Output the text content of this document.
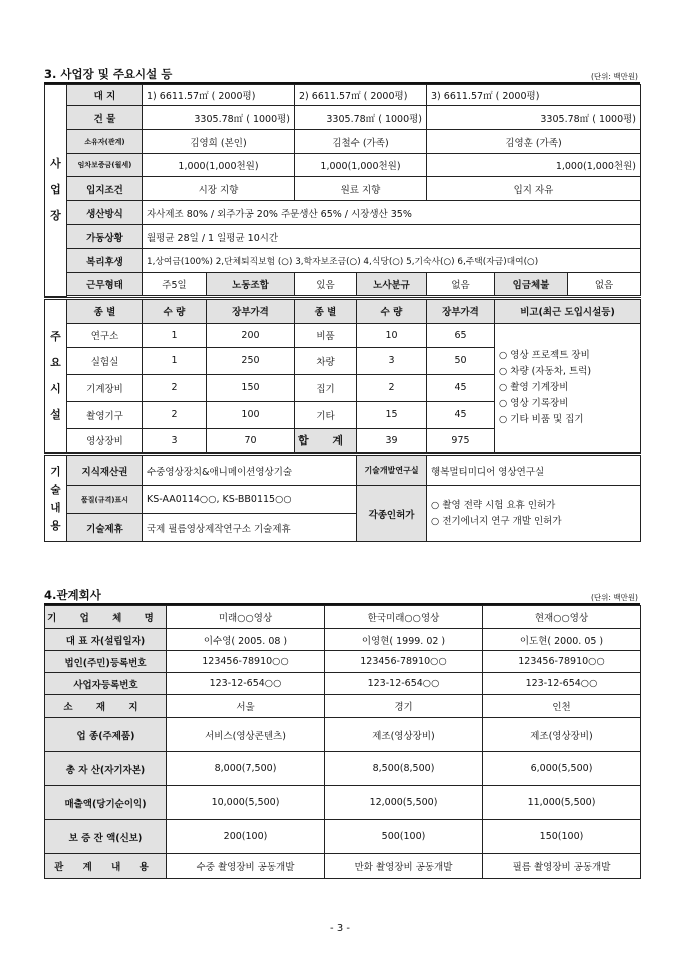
3. 사업장 및 주요시설 등	(단위: 백만원)
사
업
장	대 지	1) 6611.57㎡ ( 2000평)		2) 6611.57㎡ ( 2000평)		3) 6611.57㎡ ( 2000평)	
	건 물	3305.78㎡ ( 1000평)		3305.78㎡ ( 1000평)		3305.78㎡ ( 1000평)	
	소유자(관계)	김영희 (본인)		김철수 (가족)		김영훈 (가족)	
	임차보증금(월세)	1,000(1,000천원)		1,000(1,000천원)		1,000(1,000천원)	
	입지조건	시장 지향		원료 지향		입지 자유	
	생산방식	자사제조 80% / 외주가공 20% 주문생산 65% / 시장생산 35%					
	가동상황	월평균 28일 / 1 일평균 10시간					
	복리후생	1,상여금(100%) 2,단체퇴직보험 (○) 3,학자보조금(○) 4,식당(○) 5,기숙사(○) 6,주택(자금)대여(○)					
	근무형태	주5일	노동조합	있음	노사분규	없음	임금체불 없음

주
요
시
설	종 별	수 량	장부가격	종 별	수 량	장부가격	비고(최근 도입시설등)
	연구소	1	200	비품	10	65	○ 영상 프로젝트 장비
○ 차량 (자동차, 트럭)
○ 촬영 기계장비
○ 영상 기록장비
○ 기타 비품 및 집기

	실험실	1	250	차량	3	50	
	기계장비	2	150	집기	2	45	
	촬영기구	2	100	기타	15	45	
	영상장비	3	70	합 계	39	975	

기
술
내
용	지식재산권	수중영상장치&애니메이션영상기술	기술개발연구실	행복멀티미디어 영상연구실
	품질(규격)표시	KS-AA0114○○, KS-BB0115○○	각종인허가	○ 촬영 전략 시험 요휴 인허가
○ 전기에너지 연구 개발 인허가

	기술제휴	국제 필름영상제작연구소 기술제휴		
4.관계회사	(단위: 백만원)
기 업 체 명	미래○○영상	한국미래○○영상	현재○○영상
대 표 자(설립일자)	이수영( 2005. 08 )	이영현( 1999. 02 )	이도현( 2000. 05 )
법인(주민)등록번호	123456-78910○○	123456-78910○○	123456-78910○○
사업자등록번호	123-12-654○○	123-12-654○○	123-12-654○○
소 재 지	서울	경기	인천
업 종(주제품)	서비스(영상콘텐츠)	제조(영상장비)	제조(영상장비)
총 자 산(자기자본)	8,000(7,500)	8,500(8,500)	6,000(5,500)
매출액(당기순이익)	10,000(5,500)	12,000(5,500)	11,000(5,500)
보 증 잔 액(신보)	200(100)	500(100)	150(100)
관 계 내 용	수중 촬영장비 공동개발	만화 촬영장비 공동개발	필름 촬영장비 공동개발
- 3 -
